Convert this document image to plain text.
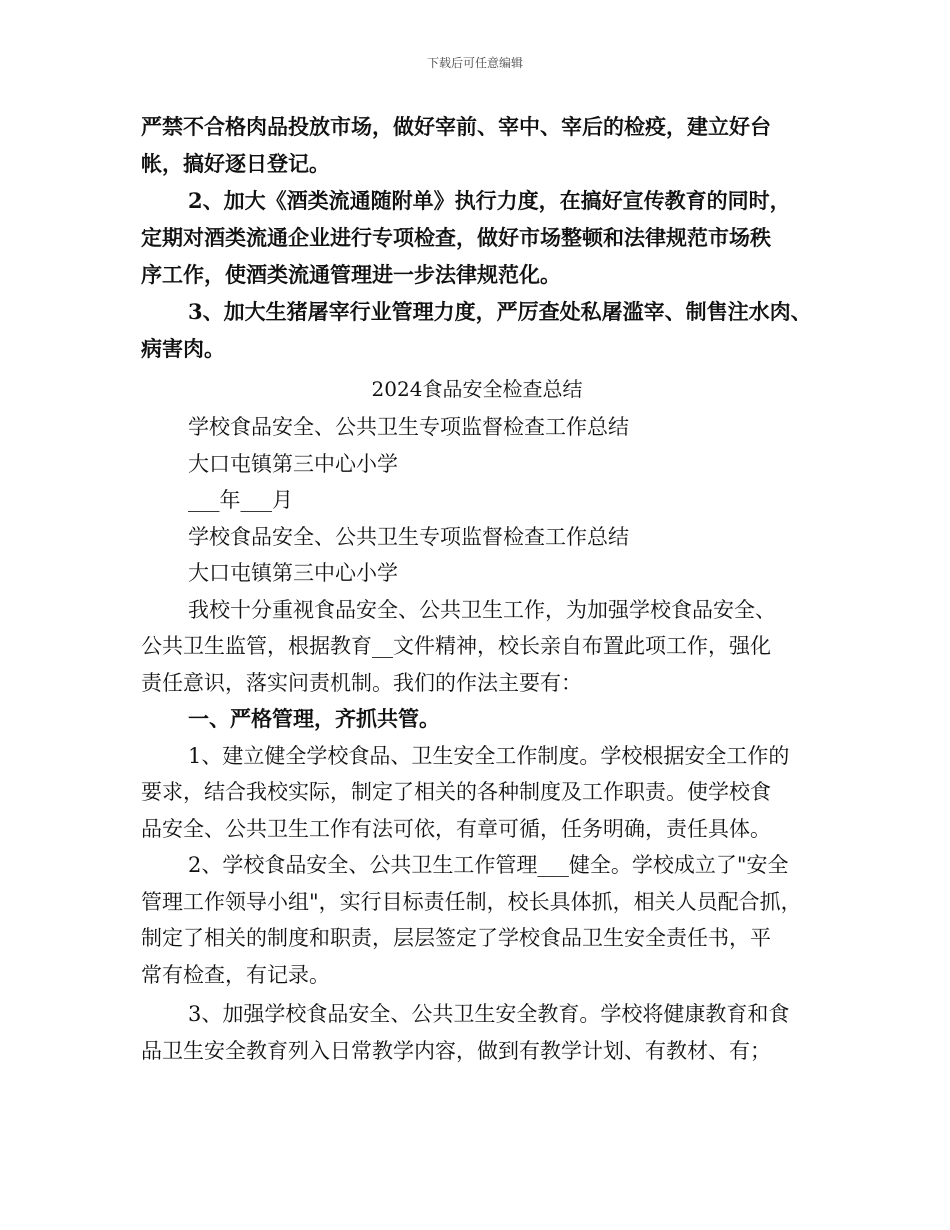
下载后可任意编辑
严禁不合格肉品投放市场，做好宰前、宰中、宰后的检疫，建立好台
帐，搞好逐日登记。
2、加大《酒类流通随附单》执行力度，在搞好宣传教育的同时，
定期对酒类流通企业进行专项检查，做好市场整顿和法律规范市场秩
序工作，使酒类流通管理进一步法律规范化。
3、加大生猪屠宰行业管理力度，严厉查处私屠滥宰、制售注水肉、
病害肉。
2024食品安全检查总结
学校食品安全、公共卫生专项监督检查工作总结
大口屯镇第三中心小学
___年___月
学校食品安全、公共卫生专项监督检查工作总结
大口屯镇第三中心小学
我校十分重视食品安全、公共卫生工作，为加强学校食品安全、
公共卫生监管，根据教育__文件精神，校长亲自布置此项工作，强化
责任意识，落实问责机制。我们的作法主要有：
一、严格管理，齐抓共管。
1、建立健全学校食品、卫生安全工作制度。学校根据安全工作的
要求，结合我校实际，制定了相关的各种制度及工作职责。使学校食
品安全、公共卫生工作有法可依，有章可循，任务明确，责任具体。
2、学校食品安全、公共卫生工作管理___健全。学校成立了"安全
管理工作领导小组"，实行目标责任制，校长具体抓，相关人员配合抓，
制定了相关的制度和职责，层层签定了学校食品卫生安全责任书，平
常有检查，有记录。
3、加强学校食品安全、公共卫生安全教育。学校将健康教育和食
品卫生安全教育列入日常教学内容，做到有教学计划、有教材、有；
